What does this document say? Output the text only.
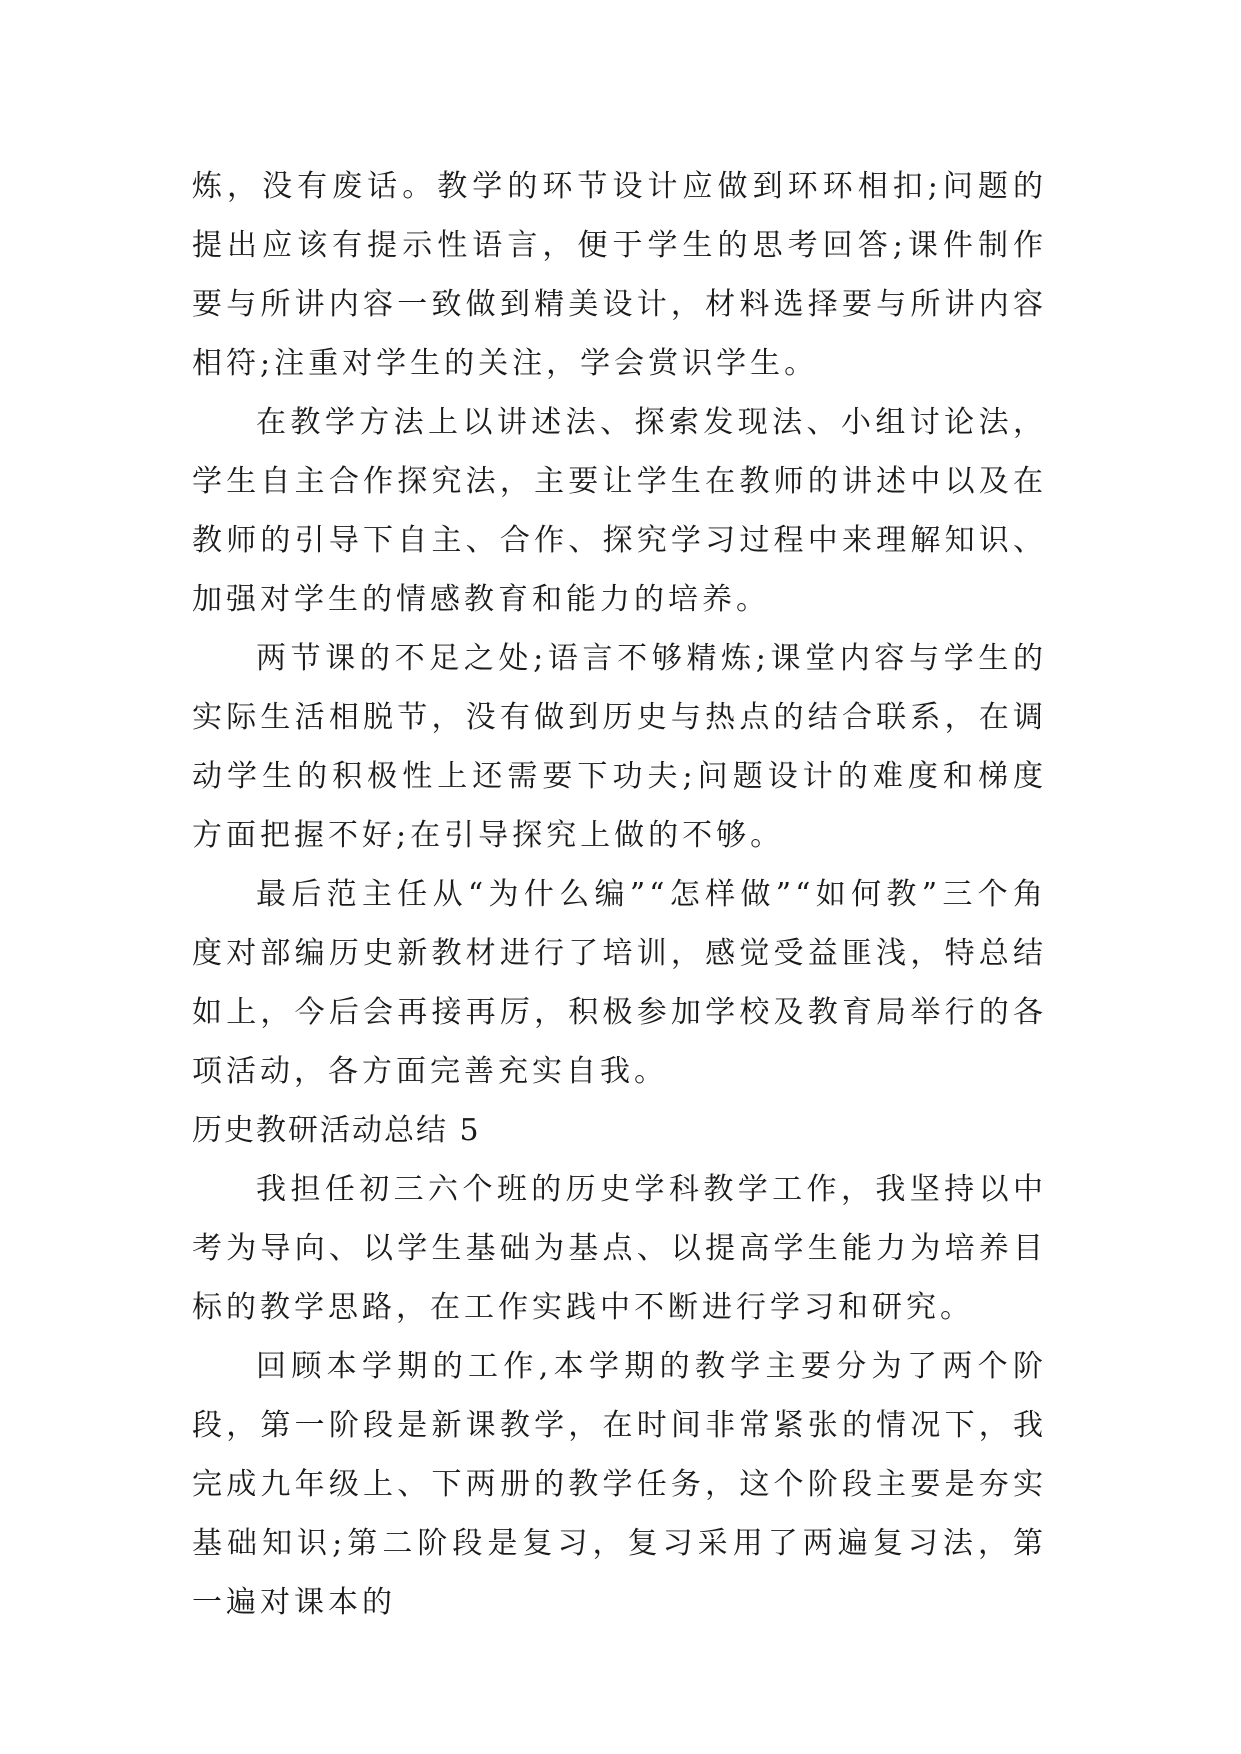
炼，没有废话。教学的环节设计应做到环环相扣;问题的提出应该有提示性语言，便于学生的思考回答;课件制作要与所讲内容一致做到精美设计，材料选择要与所讲内容相符;注重对学生的关注，学会赏识学生。

在教学方法上以讲述法、探索发现法、小组讨论法，学生自主合作探究法，主要让学生在教师的讲述中以及在教师的引导下自主、合作、探究学习过程中来理解知识、加强对学生的情感教育和能力的培养。

两节课的不足之处;语言不够精炼;课堂内容与学生的实际生活相脱节，没有做到历史与热点的结合联系，在调动学生的积极性上还需要下功夫;问题设计的难度和梯度方面把握不好;在引导探究上做的不够。

最后范主任从“为什么编”“怎样做”“如何教”三个角度对部编历史新教材进行了培训，感觉受益匪浅，特总结如上，今后会再接再厉，积极参加学校及教育局举行的各项活动，各方面完善充实自我。

历史教研活动总结 5

我担任初三六个班的历史学科教学工作，我坚持以中考为导向、以学生基础为基点、以提高学生能力为培养目标的教学思路，在工作实践中不断进行学习和研究。

回顾本学期的工作,本学期的教学主要分为了两个阶段，第一阶段是新课教学，在时间非常紧张的情况下，我完成九年级上、下两册的教学任务，这个阶段主要是夯实基础知识;第二阶段是复习，复习采用了两遍复习法，第一遍对课本的
